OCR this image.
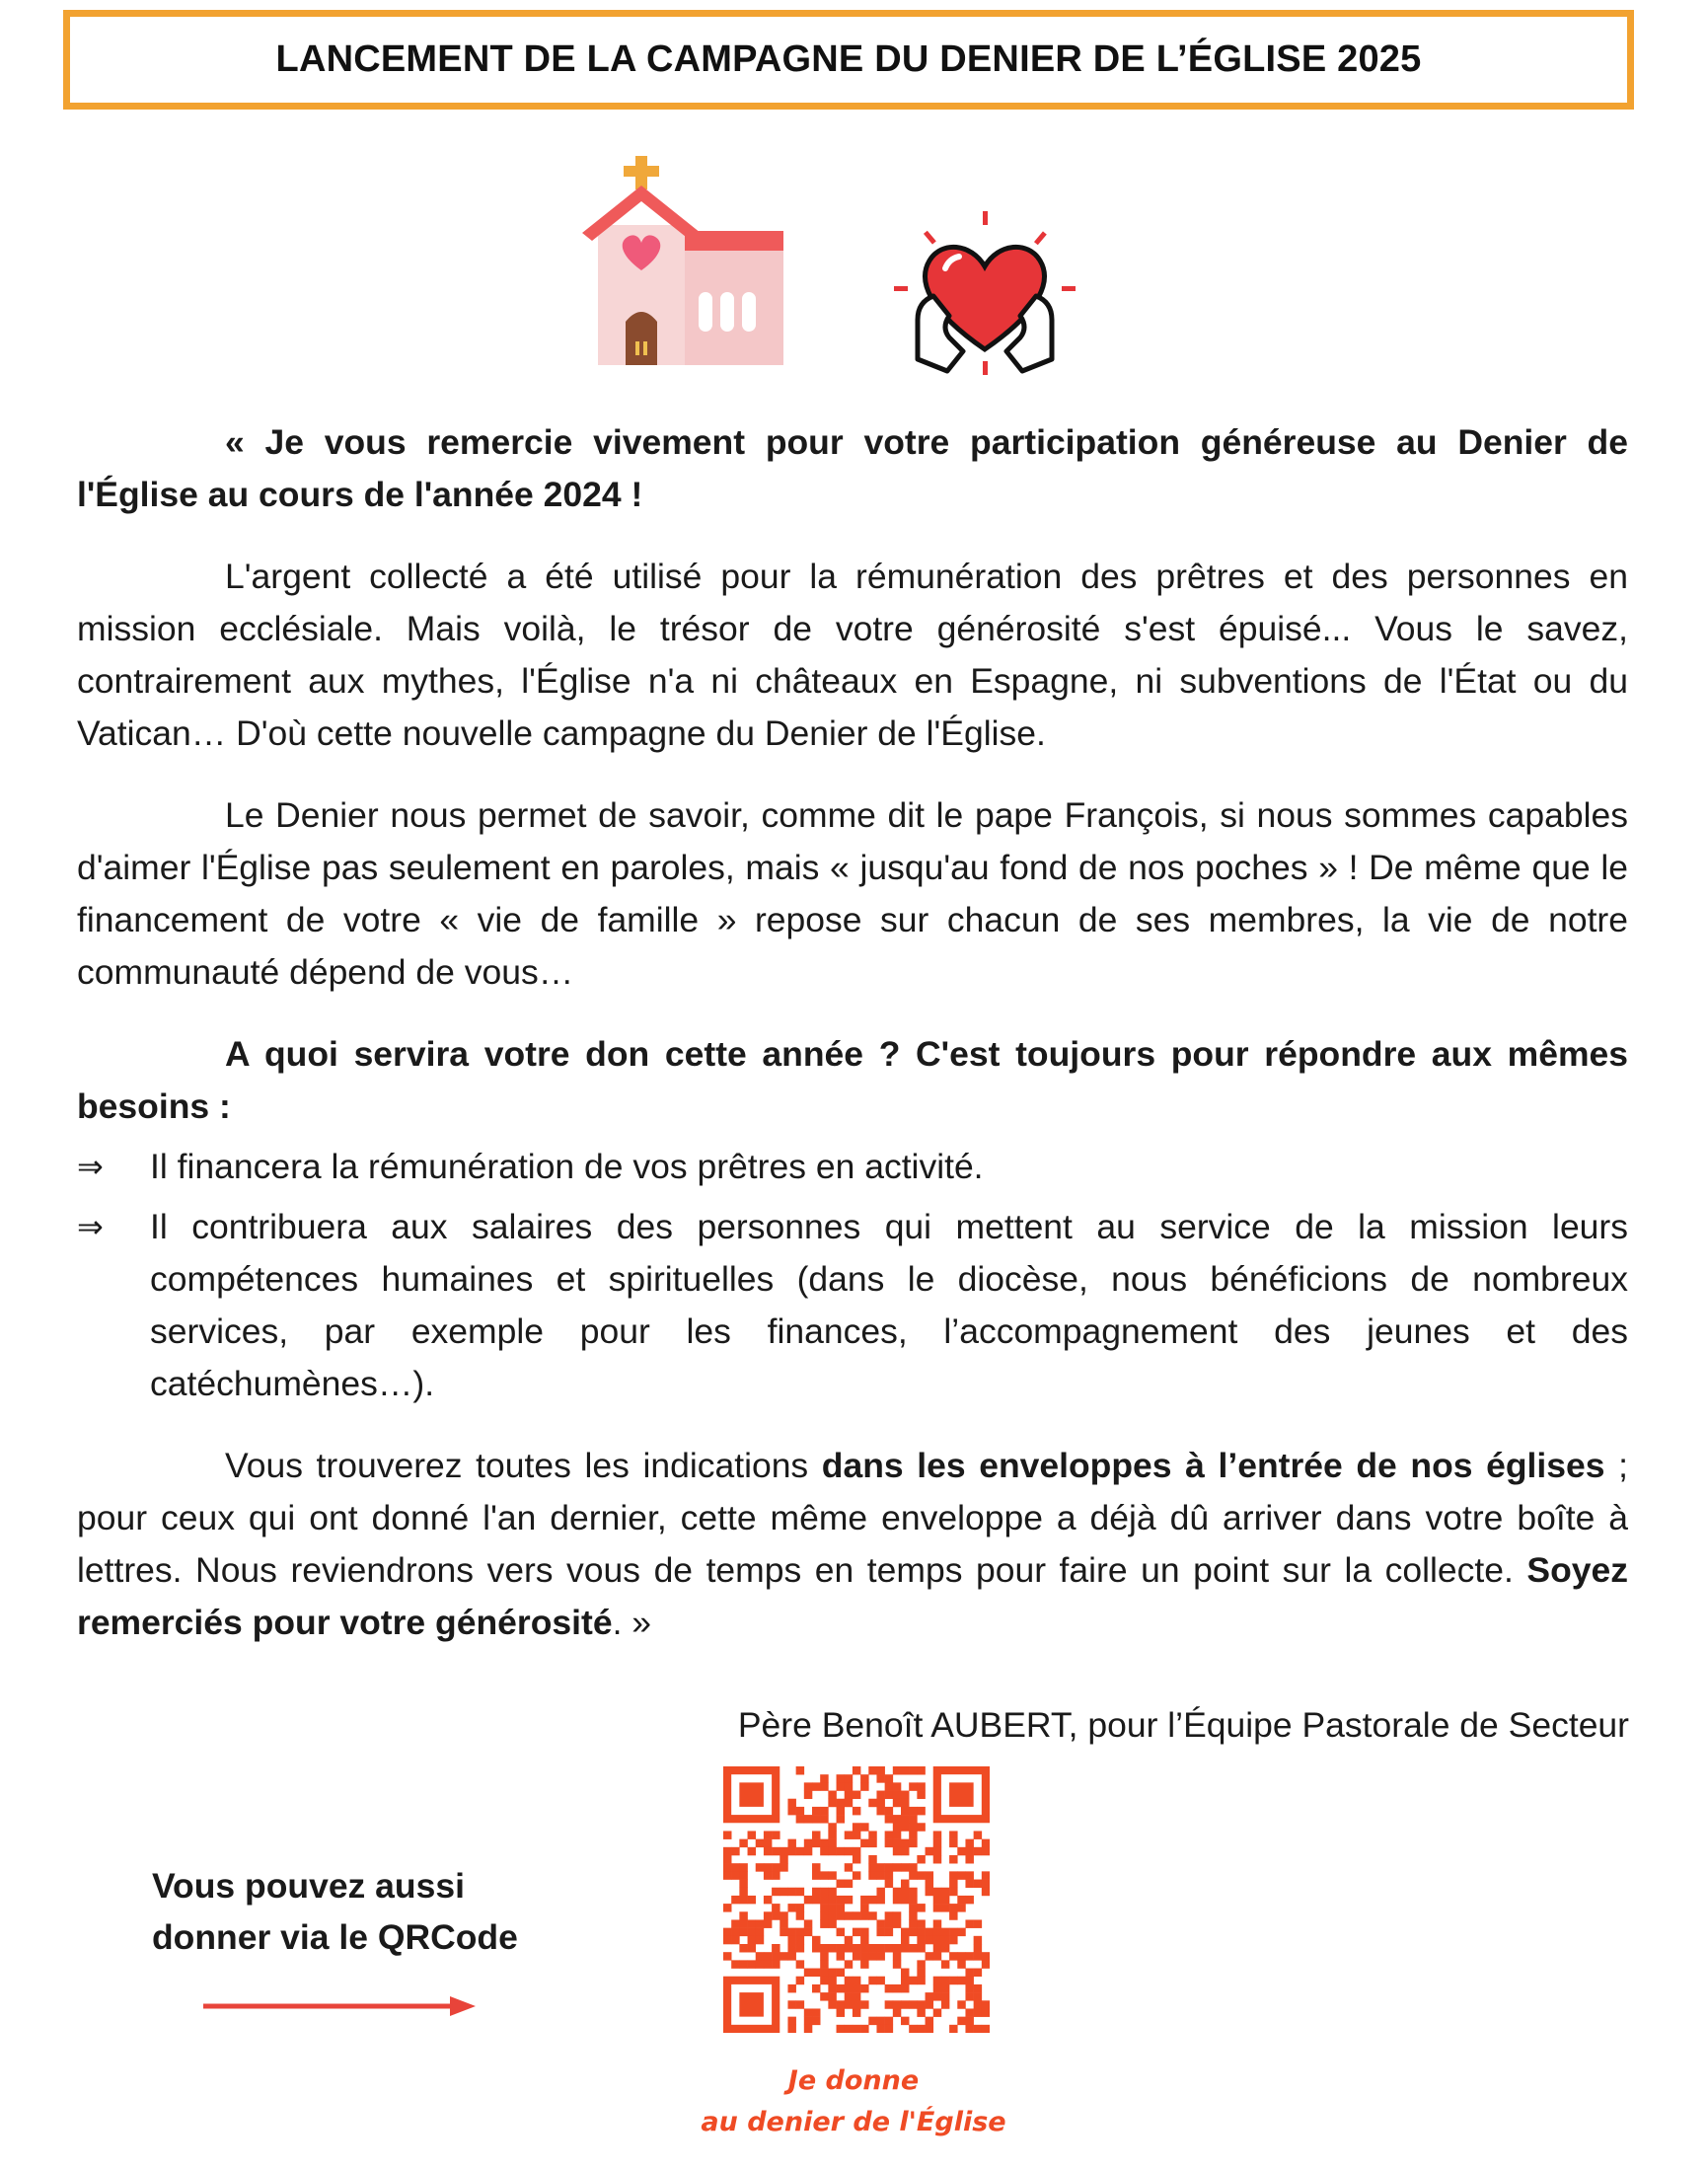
LANCEMENT DE LA CAMPAGNE DU DENIER DE L’ÉGLISE 2025

« Je vous remercie vivement pour votre participation généreuse au Denier de l'Église au cours de l'année 2024 !

L'argent collecté a été utilisé pour la rémunération des prêtres et des personnes en mission ecclésiale. Mais voilà, le trésor de votre générosité s'est épuisé... Vous le savez, contrairement aux mythes, l'Église n'a ni châteaux en Espagne, ni subventions de l'État ou du Vatican… D'où cette nouvelle campagne du Denier de l'Église.

Le Denier nous permet de savoir, comme dit le pape François, si nous sommes capables d'aimer l'Église pas seulement en paroles, mais « jusqu'au fond de nos poches » ! De même que le financement de votre « vie de famille » repose sur chacun de ses membres, la vie de notre communauté dépend de vous…

A quoi servira votre don cette année ? C'est toujours pour répondre aux mêmes besoins :

⇒ Il financera la rémunération de vos prêtres en activité.
⇒ Il contribuera aux salaires des personnes qui mettent au service de la mission leurs compétences humaines et spirituelles (dans le diocèse, nous bénéficions de nombreux services, par exemple pour les finances, l’accompagnement des jeunes et des catéchumènes…).

Vous trouverez toutes les indications dans les enveloppes à l’entrée de nos églises ; pour ceux qui ont donné l'an dernier, cette même enveloppe a déjà dû arriver dans votre boîte à lettres. Nous reviendrons vers vous de temps en temps pour faire un point sur la collecte. Soyez remerciés pour votre générosité. »

Père Benoît AUBERT, pour l’Équipe Pastorale de Secteur
Vous pouvez aussi
donner via le QRCode
Je donne
au denier de l'Église
